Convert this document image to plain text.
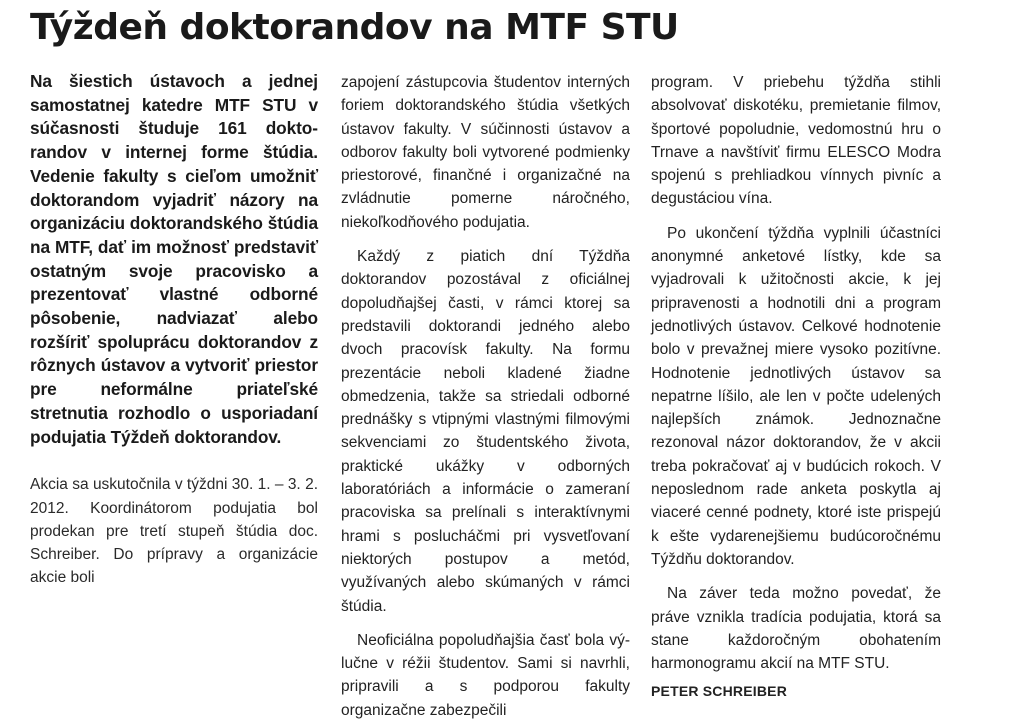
Týždeň doktorandov na MTF STU

Na šiestich ústavoch a jednej samostatnej katedre MTF STU v súčasnosti študuje 161 doktorandov v internej forme štúdia. Vedenie fakulty s cieľom umožniť doktorandom vyjadriť názory na organizáciu doktorandského štúdia na MTF, dať im možnosť predstaviť ostatným svoje pracovisko a prezentovať vlastné odborné pôsobenie, nadviazať alebo rozšíriť spoluprácu doktorandov z rôznych ústavov a vytvoriť priestor pre neformálne priateľské stretnutia rozhodlo o usporiadaní podujatia Týždeň doktorandov.

Akcia sa uskutočnila v týždni 30. 1. – 3. 2. 2012. Koordinátorom podujatia bol prodekan pre tretí stupeň štúdia doc. Schreiber. Do prípravy a organizácie akcie boli

zapojení zástupcovia študentov interných foriem doktorandského štúdia všetkých ústavov fakulty. V súčinnosti ústavov a odborov fakulty boli vytvorené podmienky priestorové, finančné i organizačné na zvládnutie pomerne náročného, niekoľkodňového podujatia.

Každý z piatich dní Týždňa doktorandov pozostával z oficiálnej dopoludňajšej časti, v rámci ktorej sa predstavili doktorandi jedného alebo dvoch pracovísk fakulty. Na formu prezentácie neboli kladené žiadne obmedzenia, takže sa striedali odborné prednášky s vtipnými vlastnými filmovými sekvenciami zo študentského života, praktické ukážky v odborných laboratóriách a informácie o zameraní pracoviska sa prelínali s interaktívnymi hrami s poslucháčmi pri vysvetľovaní niektorých postupov a metód, využívaných alebo skúmaných v rámci štúdia.

Neoficiálna popoludňajšia časť bola výlučne v réžii študentov. Sami si navrhli, pripravili a s podporou fakulty organizačne zabezpečili

program. V priebehu týždňa stihli absolvovať diskotéku, premietanie filmov, športové popoludnie, vedomostnú hru o Trnave a navštíviť firmu ELESCO Modra spojenú s prehliadkou vínnych pivníc a degustáciou vína.

Po ukončení týždňa vyplnili účastníci anonymné anketové lístky, kde sa vyjadrovali k užitočnosti akcie, k jej pripravenosti a hodnotili dni a program jednotlivých ústavov. Celkové hodnotenie bolo v prevažnej miere vysoko pozitívne. Hodnotenie jednotlivých ústavov sa nepatrne líšilo, ale len v počte udelených najlepších známok. Jednoznačne rezonoval názor doktorandov, že v akcii treba pokračovať aj v budúcich rokoch. V neposlednom rade anketa poskytla aj viaceré cenné podnety, ktoré iste prispejú k ešte vydarenejšiemu budúcoročnému Týždňu doktorandov.

Na záver teda možno povedať, že práve vznikla tradícia podujatia, ktorá sa stane každoročným obohatením harmonogramu akcií na MTF STU.

PETER SCHREIBER
